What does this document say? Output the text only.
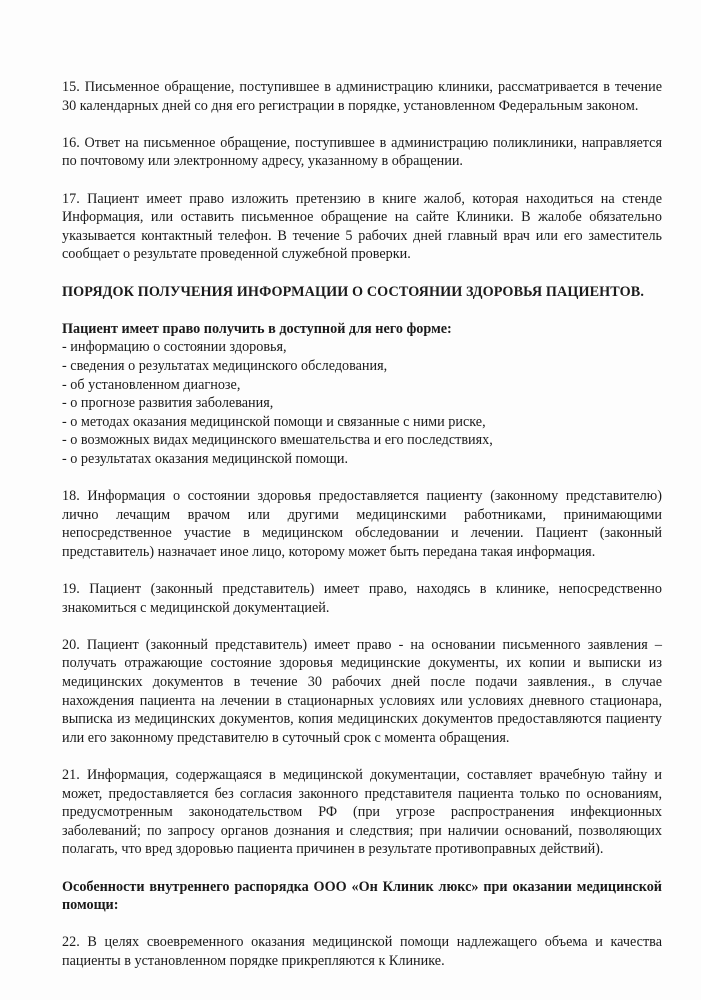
15. Письменное обращение, поступившее в администрацию клиники, рассматривается в течение 30 календарных дней со дня его регистрации в порядке, установленном Федеральным законом.

16. Ответ на письменное обращение, поступившее в администрацию поликлиники, направляется по почтовому или электронному адресу, указанному в обращении.

17. Пациент имеет право изложить претензию в книге жалоб, которая находиться на стенде Информация, или оставить письменное обращение на сайте Клиники. В жалобе обязательно указывается контактный телефон. В течение 5 рабочих дней главный врач или его заместитель сообщает о результате проведенной служебной проверки.

ПОРЯДОК ПОЛУЧЕНИЯ ИНФОРМАЦИИ О СОСТОЯНИИ ЗДОРОВЬЯ ПАЦИЕНТОВ.

Пациент имеет право получить в доступной для него форме:

- информацию о состоянии здоровья,
- сведения о результатах медицинского обследования,
- об установленном диагнозе,
- о прогнозе развития заболевания,
- о методах оказания медицинской помощи и связанные с ними риске,
- о возможных видах медицинского вмешательства и его последствиях,
- о результатах оказания медицинской помощи.

18. Информация о состоянии здоровья предоставляется пациенту (законному представителю) лично лечащим врачом или другими медицинскими работниками, принимающими непосредственное участие в медицинском обследовании и лечении. Пациент (законный представитель) назначает иное лицо, которому может быть передана такая информация.

19. Пациент (законный представитель) имеет право, находясь в клинике, непосредственно знакомиться с медицинской документацией.

20. Пациент (законный представитель) имеет право - на основании письменного заявления – получать отражающие состояние здоровья медицинские документы, их копии и выписки из медицинских документов в течение 30 рабочих дней после подачи заявления., в случае нахождения пациента на лечении в стационарных условиях или условиях дневного стационара, выписка из медицинских документов, копия медицинских документов предоставляются пациенту или его законному представителю в суточный срок с момента обращения.

21. Информация, содержащаяся в медицинской документации, составляет врачебную тайну и может, предоставляется без согласия законного представителя пациента только по основаниям, предусмотренным законодательством РФ (при угрозе распространения инфекционных заболеваний; по запросу органов дознания и следствия; при наличии оснований, позволяющих полагать, что вред здоровью пациента причинен в результате противоправных действий).

Особенности внутреннего распорядка ООО «Он Клиник люкс» при оказании медицинской помощи:

22. В целях своевременного оказания медицинской помощи надлежащего объема и качества пациенты в установленном порядке прикрепляются к Клинике.
